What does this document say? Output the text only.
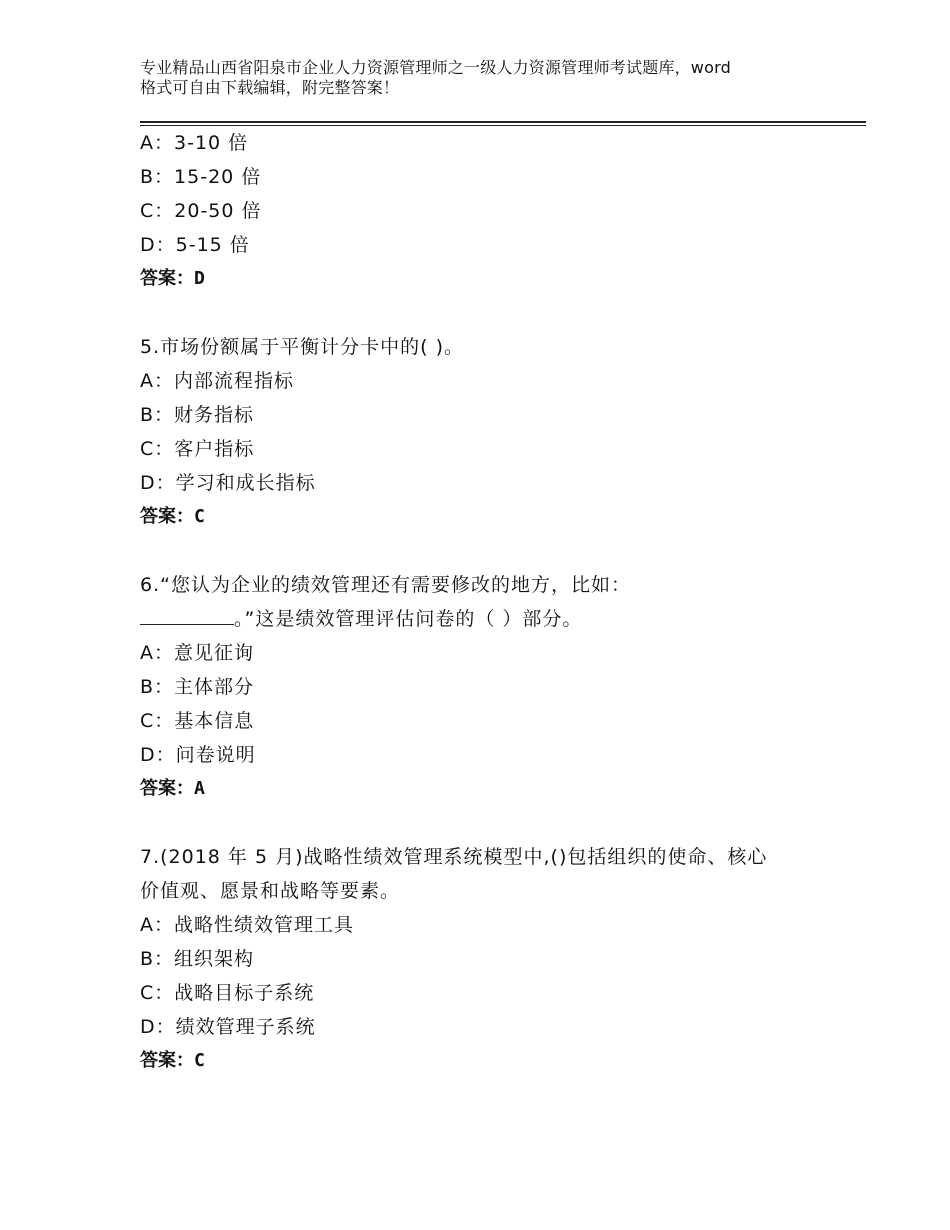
专业精品山西省阳泉市企业人力资源管理师之一级人力资源管理师考试题库，word
格式可自由下载编辑，附完整答案！
A：3-10 倍
B：15-20 倍
C：20-50 倍
D：5-15 倍
答案：D
5.市场份额属于平衡计分卡中的( )。
A：内部流程指标
B：财务指标
C：客户指标
D：学习和成长指标
答案：C
6.“您认为企业的绩效管理还有需要修改的地方，比如：
。”这是绩效管理评估问卷的（ ）部分。
A：意见征询
B：主体部分
C：基本信息
D：问卷说明
答案：A
7.(2018 年 5 月)战略性绩效管理系统模型中,()包括组织的使命、核心
价值观、愿景和战略等要素。
A：战略性绩效管理工具
B：组织架构
C：战略目标子系统
D：绩效管理子系统
答案：C
